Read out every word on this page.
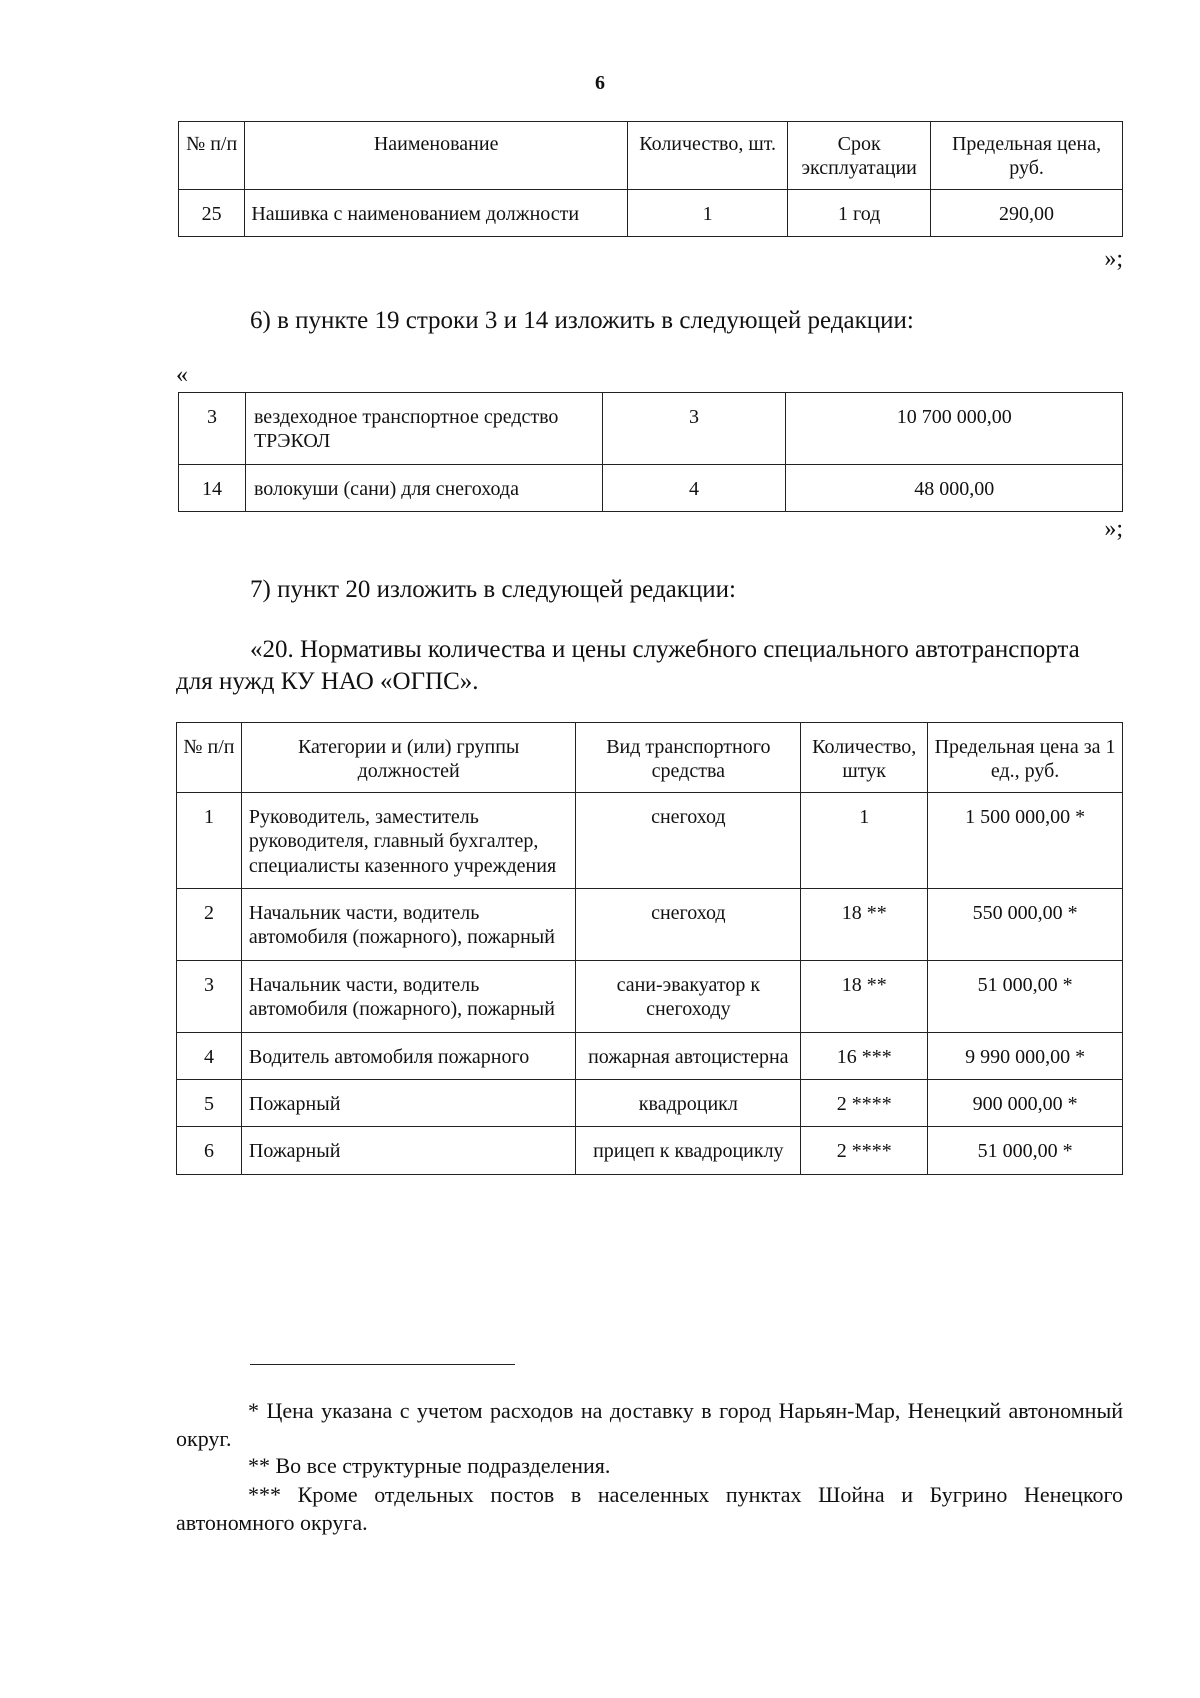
6
№ п/п	Наименование	Количество, шт.	Срок эксплуатации	Предельная цена, руб.
25	Нашивка с наименованием должности	1	1 год	290,00
»;
6) в пункте 19 строки 3 и 14 изложить в следующей редакции:
«
3	вездеходное транспортное средство ТРЭКОЛ	3	10 700 000,00
14	волокуши (сани) для снегохода	4	48 000,00
»;
7) пункт 20 изложить в следующей редакции:
«20. Нормативы количества и цены служебного специального автотранспорта
для нужд КУ НАО «ОГПС».
№ п/п	Категории и (или) группы должностей	Вид транспортного средства	Количество, штук	Предельная цена за 1 ед., руб.
1	Руководитель, заместитель руководителя, главный бухгалтер, специалисты казенного учреждения	снегоход	1	1 500 000,00 *
2	Начальник части, водитель автомобиля (пожарного), пожарный	снегоход	18 **	550 000,00 *
3	Начальник части, водитель автомобиля (пожарного), пожарный	сани-эвакуатор к снегоходу	18 **	51 000,00 *
4	Водитель автомобиля пожарного	пожарная автоцистерна	16 ***	9 990 000,00 *
5	Пожарный	квадроцикл	2 ****	900 000,00 *
6	Пожарный	прицеп к квадроциклу	2 ****	51 000,00 *
* Цена указана с учетом расходов на доставку в город Нарьян-Мар, Ненецкий автономный округ.
** Во все структурные подразделения.
*** Кроме отдельных постов в населенных пунктах Шойна и Бугрино Ненецкого автономного округа.
